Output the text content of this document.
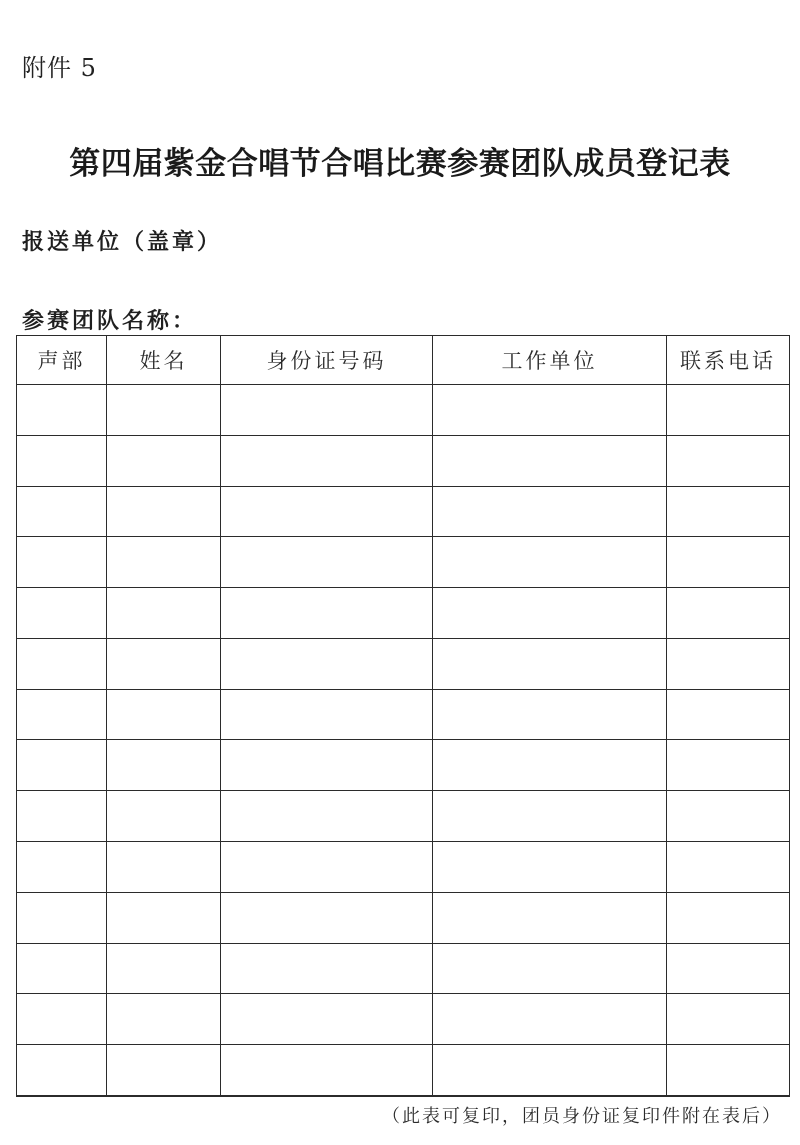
附件 5
第四届紫金合唱节合唱比赛参赛团队成员登记表
报送单位（盖章）
参赛团队名称：
声部	姓名	身份证号码	工作单位	联系电话

（此表可复印，团员身份证复印件附在表后）
